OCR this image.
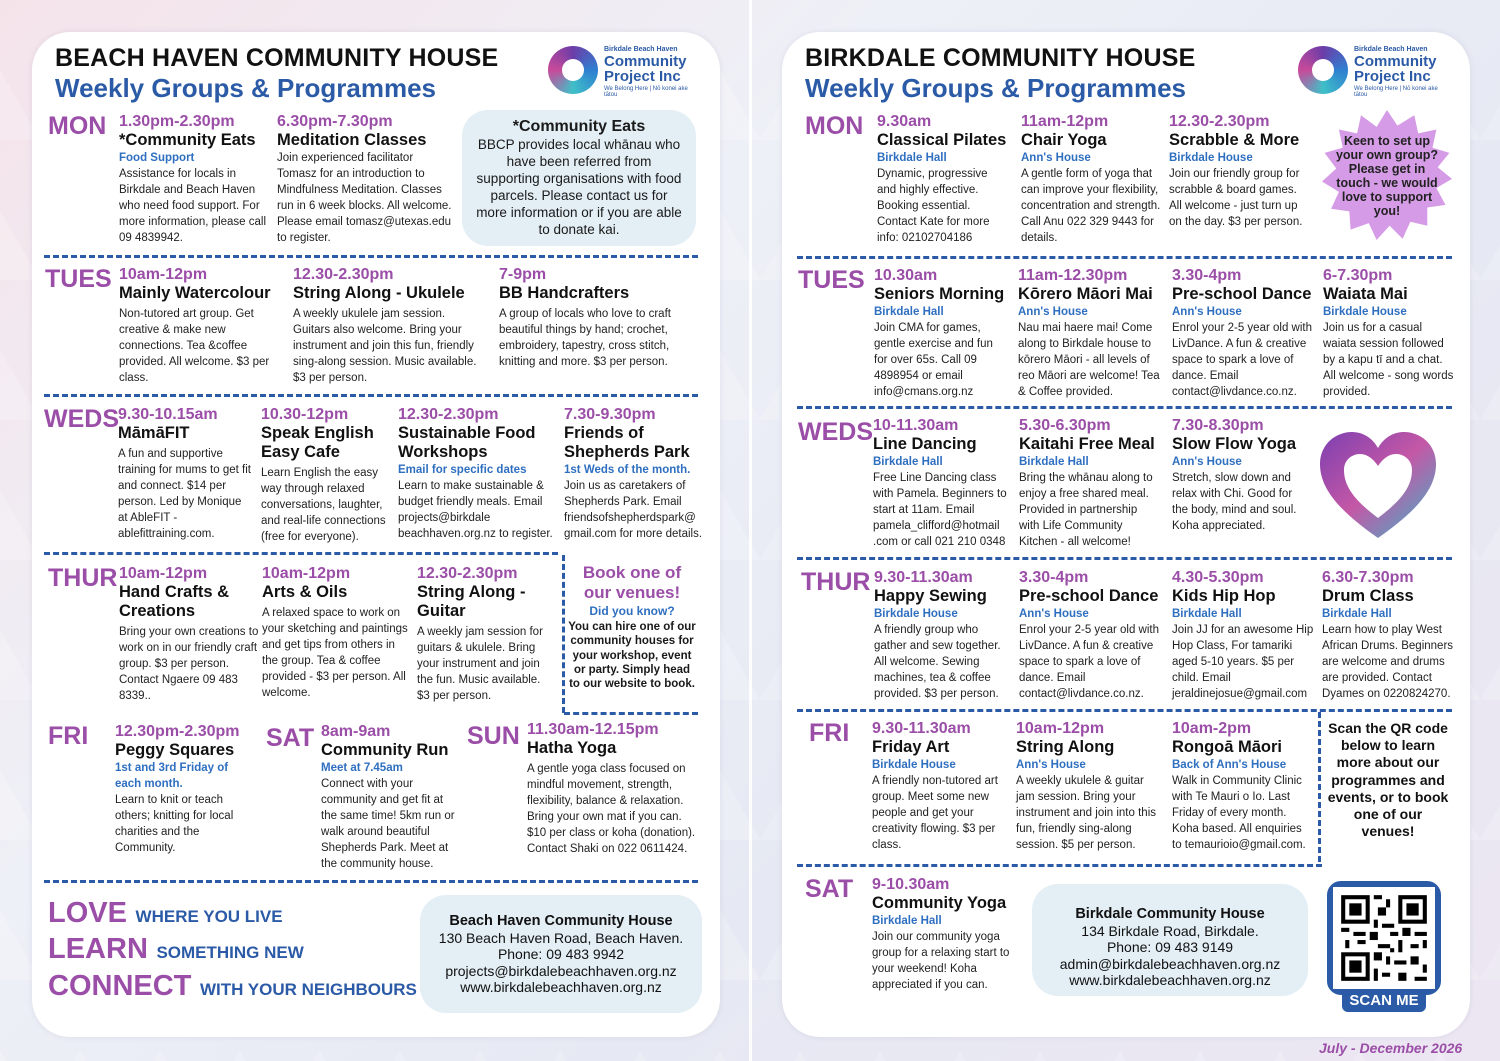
BEACH HAVEN COMMUNITY HOUSE
Weekly Groups & Programmes
Birkdale Beach Haven
Community
Project Inc
We Belong Here | Nō konei ake tātou
MON 1.30pm-2.30pm
*Community Eats
Food Support
Assistance for locals in Birkdale and Beach Haven who need food support. For more information, please call 09 4839942.
6.30pm-7.30pm
Meditation Classes
Join experienced facilitator Tomasz for an introduction to Mindfulness Meditation. Classes run in 6 week blocks. All welcome. Please email tomasz@utexas.edu to register.
*Community Eats
BBCP provides local whānau who have been referred from supporting organisations with food parcels. Please contact us for more information or if you are able to donate kai.
TUES 10am-12pm
Mainly Watercolour
Non-tutored art group. Get creative & make new connections. Tea &coffee provided. All welcome. $3 per class.
12.30-2.30pm
String Along - Ukulele
A weekly ukulele jam session. Guitars also welcome. Bring your instrument and join this fun, friendly sing-along session. Music available. $3 per person.
7-9pm
BB Handcrafters
A group of locals who love to craft beautiful things by hand; crochet, embroidery, tapestry, cross stitch, knitting and more. $3 per person.
WEDS 9.30-10.15am
MāmāFIT
A fun and supportive training for mums to get fit and connect. $14 per person. Led by Monique at AbleFIT - ablefittraining.com.
10.30-12pm
Speak English Easy Cafe
Learn English the easy way through relaxed conversations, laughter, and real-life connections (free for everyone).
12.30-2.30pm
Sustainable Food Workshops
Email for specific dates
Learn to make sustainable & budget friendly meals. Email projects@birkdale beachhaven.org.nz to register.
7.30-9.30pm
Friends of Shepherds Park
1st Weds of the month.
Join us as caretakers of Shepherds Park. Email friendsofshepherdspark@ gmail.com for more details.
THUR 10am-12pm
Hand Crafts & Creations
Bring your own creations to work on in our friendly craft group. $3 per person. Contact Ngaere 09 483 8339..
10am-12pm
Arts & Oils
A relaxed space to work on your sketching and paintings and get tips from others in the group. Tea & coffee provided - $3 per person. All welcome.
12.30-2.30pm
String Along - Guitar
A weekly jam session for guitars & ukulele. Bring your instrument and join the fun. Music available. $3 per person.
Book one of
our venues!
Did you know?
You can hire one of our community houses for your workshop, event or party. Simply head to our website to book.
FRI 12.30pm-2.30pm
Peggy Squares
1st and 3rd Friday of each month.
Learn to knit or teach others; knitting for local charities and the Community.
SAT 8am-9am
Community Run
Meet at 7.45am
Connect with your community and get fit at the same time! 5km run or walk around beautiful Shepherds Park. Meet at the community house.
SUN 11.30am-12.15pm
Hatha Yoga
A gentle yoga class focused on mindful movement, strength, flexibility, balance & relaxation. Bring your own mat if you can. $10 per class or koha (donation). Contact Shaki on 022 0611424.
LOVE WHERE YOU LIVE
LEARN SOMETHING NEW
CONNECT WITH YOUR NEIGHBOURS
Beach Haven Community House
130 Beach Haven Road, Beach Haven.
Phone: 09 483 9942
projects@birkdalebeachhaven.org.nz
www.birkdalebeachhaven.org.nz
BIRKDALE COMMUNITY HOUSE
Weekly Groups & Programmes
Birkdale Beach Haven
Community
Project Inc
We Belong Here | Nō konei ake tātou
MON 9.30am
Classical Pilates
Birkdale Hall
Dynamic, progressive and highly effective. Booking essential. Contact Kate for more info: 02102704186
11am-12pm
Chair Yoga
Ann's House
A gentle form of yoga that can improve your flexibility, concentration and strength. Call Anu 022 329 9443 for details.
12.30-2.30pm
Scrabble & More
Birkdale House
Join our friendly group for scrabble & board games. All welcome - just turn up on the day. $3 per person.
Keen to set up your own group? Please get in touch - we would love to support you!
TUES 10.30am
Seniors Morning
Birkdale Hall
Join CMA for games, gentle exercise and fun for over 65s. Call 09 4898954 or email info@cmans.org.nz
11am-12.30pm
Kōrero Māori Mai
Ann's House
Nau mai haere mai! Come along to Birkdale house to kōrero Māori - all levels of reo Māori are welcome! Tea & Coffee provided.
3.30-4pm
Pre-school Dance
Ann's House
Enrol your 2-5 year old with LivDance. A fun & creative space to spark a love of dance. Email contact@livdance.co.nz.
6-7.30pm
Waiata Mai
Birkdale House
Join us for a casual waiata session followed by a kapu tī and a chat. All welcome - song words provided.
WEDS 10-11.30am
Line Dancing
Birkdale Hall
Free Line Dancing class with Pamela. Beginners to start at 11am. Email pamela_clifford@hotmail .com or call 021 210 0348
5.30-6.30pm
Kaitahi Free Meal
Birkdale Hall
Bring the whānau along to enjoy a free shared meal. Provided in partnership with Life Community Kitchen - all welcome!
7.30-8.30pm
Slow Flow Yoga
Ann's House
Stretch, slow down and relax with Chi. Good for the body, mind and soul. Koha appreciated.
THUR 9.30-11.30am
Happy Sewing
Birkdale House
A friendly group who gather and sew together. All welcome. Sewing machines, tea & coffee provided. $3 per person.
3.30-4pm
Pre-school Dance
Ann's House
Enrol your 2-5 year old with LivDance. A fun & creative space to spark a love of dance. Email contact@livdance.co.nz.
4.30-5.30pm
Kids Hip Hop
Birkdale Hall
Join JJ for an awesome Hip Hop Class, For tamariki aged 5-10 years. $5 per child. Email jeraldinejosue@gmail.com
6.30-7.30pm
Drum Class
Birkdale Hall
Learn how to play West African Drums. Beginners are welcome and drums are provided. Contact Dyames on 0220824270.
FRI 9.30-11.30am
Friday Art
Birkdale House
A friendly non-tutored art group. Meet some new people and get your creativity flowing. $3 per class.
10am-12pm
String Along
Ann's House
A weekly ukulele & guitar jam session. Bring your instrument and join into this fun, friendly sing-along session. $5 per person.
10am-2pm
Rongoā Māori
Back of Ann's House
Walk in Community Clinic with Te Mauri o Io. Last Friday of every month. Koha based. All enquiries to temaurioio@gmail.com.
Scan the QR code below to learn more about our programmes and events, or to book one of our venues!
SAT 9-10.30am
Community Yoga
Birkdale Hall
Join our community yoga group for a relaxing start to your weekend! Koha appreciated if you can.
Birkdale Community House
134 Birkdale Road, Birkdale.
Phone: 09 483 9149
admin@birkdalebeachhaven.org.nz
www.birkdalebeachhaven.org.nz
SCAN ME
July - December 2026
